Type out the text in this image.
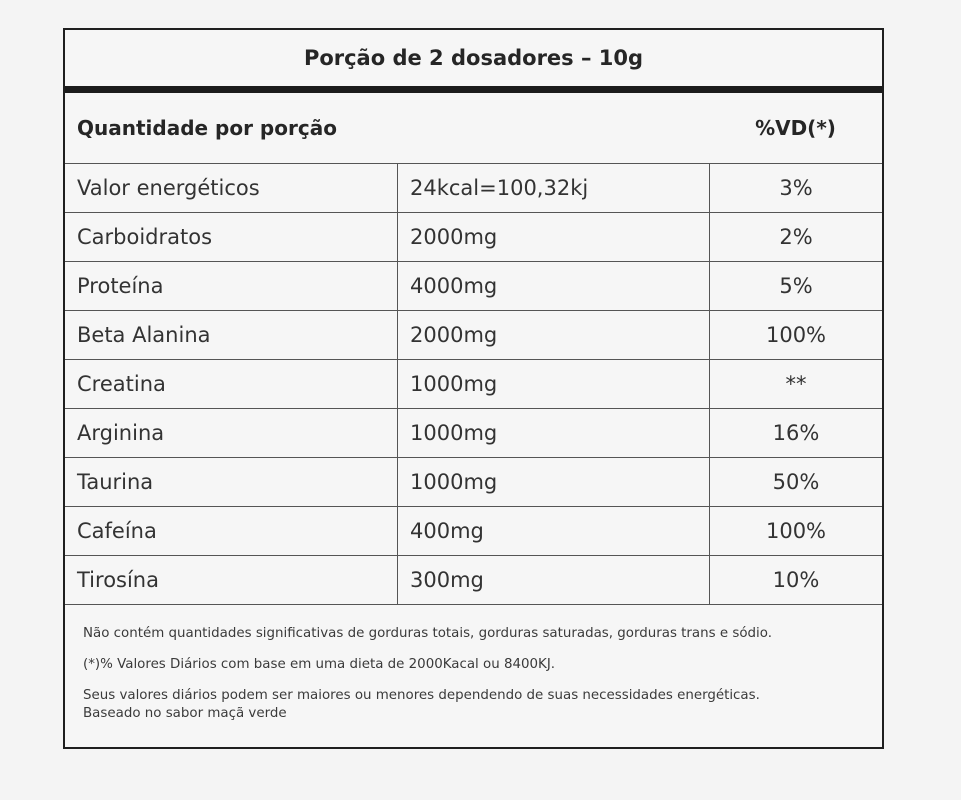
Porção de 2 dosadores – 10g
Quantidade por porção	%VD(*)
Valor energéticos	24kcal=100,32kj	3%
Carboidratos	2000mg	2%
Proteína	4000mg	5%
Beta Alanina	2000mg	100%
Creatina	1000mg	**
Arginina	1000mg	16%
Taurina	1000mg	50%
Cafeína	400mg	100%
Tirosína	300mg	10%

Não contém quantidades significativas de gorduras totais, gorduras saturadas, gorduras trans e sódio.

(*)% Valores Diários com base em uma dieta de 2000Kacal ou 8400KJ.

Seus valores diários podem ser maiores ou menores dependendo de suas necessidades energéticas.

Baseado no sabor maçã verde
